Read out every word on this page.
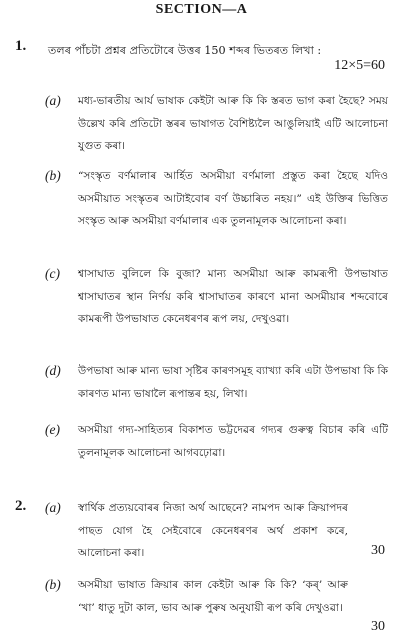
SECTION—A
1. তলৰ পাঁচটা প্ৰশ্নৰ প্ৰতিটোৰে উত্তৰ 150 শব্দৰ ভিতৰত লিখা :
12×5=60
(a) মধ্য-ভাৰতীয় আৰ্য ভাষাক কেইটা আৰু কি কি স্তৰত ভাগ কৰা হৈছে? সময় উল্লেখ কৰি প্ৰতিটো স্তৰৰ ভাষাগত বৈশিষ্ট্যলৈ আঙুলিয়াই এটি আলোচনা যুগুত কৰা।
(b) “সংস্কৃত বৰ্ণমালাৰ আৰ্হিত অসমীয়া বৰ্ণমালা প্ৰস্তুত কৰা হৈছে যদিও অসমীয়াত সংস্কৃতৰ আটাইবোৰ বৰ্ণ উচ্চাৰিত নহয়।” এই উক্তিৰ ভিত্তিত সংস্কৃত আৰু অসমীয়া বৰ্ণমালাৰ এক তুলনামূলক আলোচনা কৰা।
(c) শ্বাসাঘাত বুলিলে কি বুজা? মান্য অসমীয়া আৰু কামৰূপী উপভাষাত শ্বাসাঘাতৰ স্থান নিৰ্ণয় কৰি শ্বাসাঘাতৰ কাৰণে মানা অসমীয়াৰ শব্দবোৰে কামৰূপী উপভাষাত কেনেধৰণৰ ৰূপ লয়, দেখুওৱা।
(d) উপভাষা আৰু মান্য ভাষা সৃষ্টিৰ কাৰণসমূহ ব্যাখ্যা কৰি এটা উপভাষা কি কি কাৰণত মান্য ভাষালৈ ৰূপান্তৰ হয়, লিখা।
(e) অসমীয়া গদ্য-সাহিত্যৰ বিকাশত ভট্টদেৱৰ গদ্যৰ গুৰুত্ব বিচাৰ কৰি এটি তুলনামূলক আলোচনা আগবঢ়োৱা।
2. (a) স্বাৰ্থিক প্ৰত্যয়বোৰৰ নিজা অৰ্থ আছেনে? নামপদ আৰু ক্ৰিয়াপদৰ পাছত যোগ হৈ সেইবোৰে কেনেধৰণৰ অৰ্থ প্ৰকাশ কৰে, আলোচনা কৰা।	30
(b) অসমীয়া ভাষাত ক্ৰিয়াৰ কাল কেইটা আৰু কি কি? ‘কৰ্’ আৰু ‘খা’ ধাতু দুটা কাল, ভাব আৰু পুৰুষ অনুযায়ী ৰূপ কৰি দেখুওৱা।
30
